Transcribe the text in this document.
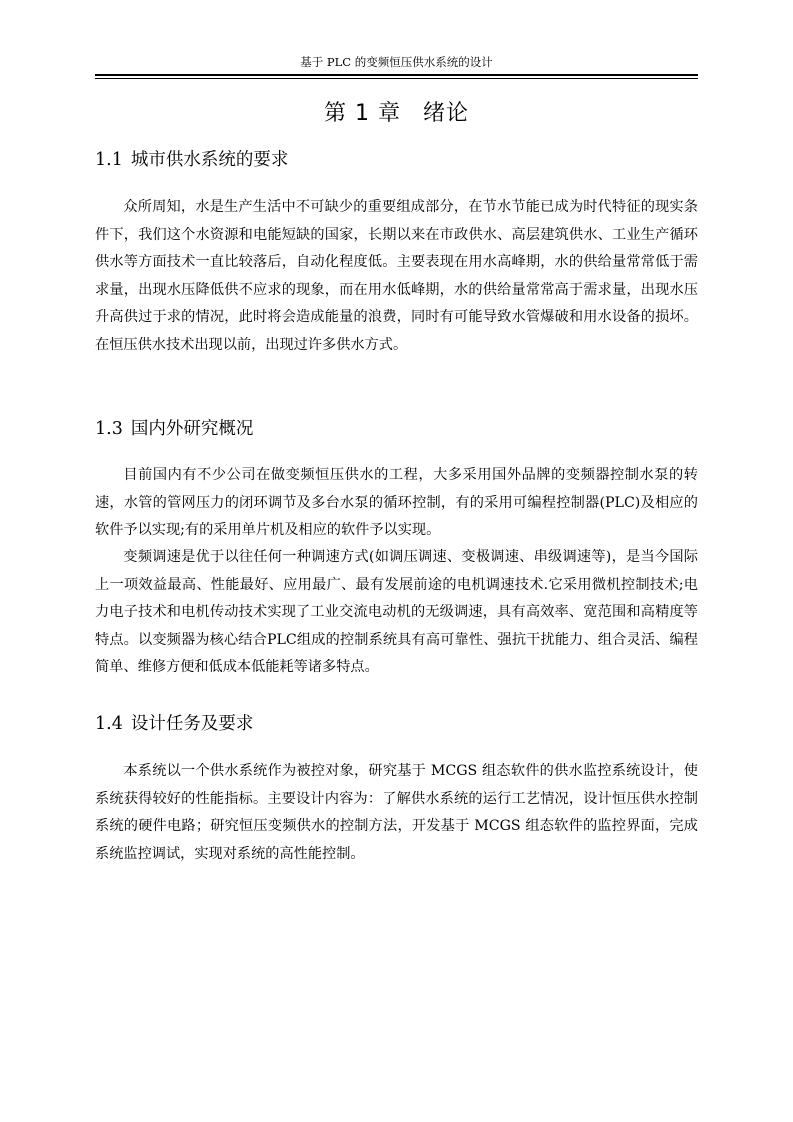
基于 PLC 的变频恒压供水系统的设计
第 1 章 绪论
1.1 城市供水系统的要求

众所周知，水是生产生活中不可缺少的重要组成部分，在节水节能已成为时代特征的现实条件下，我们这个水资源和电能短缺的国家，长期以来在市政供水、高层建筑供水、工业生产循环供水等方面技术一直比较落后，自动化程度低。主要表现在用水高峰期，水的供给量常常低于需求量，出现水压降低供不应求的现象，而在用水低峰期，水的供给量常常高于需求量，出现水压升高供过于求的情况，此时将会造成能量的浪费，同时有可能导致水管爆破和用水设备的损坏。在恒压供水技术出现以前，出现过许多供水方式。

1.3 国内外研究概况

目前国内有不少公司在做变频恒压供水的工程，大多采用国外品牌的变频器控制水泵的转速，水管的管网压力的闭环调节及多台水泵的循环控制，有的采用可编程控制器(PLC)及相应的软件予以实现;有的采用单片机及相应的软件予以实现。

变频调速是优于以往任何一种调速方式(如调压调速、变极调速、串级调速等)，是当今国际上一项效益最高、性能最好、应用最广、最有发展前途的电机调速技术.它采用微机控制技术;电力电子技术和电机传动技术实现了工业交流电动机的无级调速，具有高效率、宽范围和高精度等特点。以变频器为核心结合PLC组成的控制系统具有高可靠性、强抗干扰能力、组合灵活、编程简单、维修方便和低成本低能耗等诸多特点。

1.4 设计任务及要求

本系统以一个供水系统作为被控对象，研究基于 MCGS 组态软件的供水监控系统设计，使系统获得较好的性能指标。主要设计内容为：了解供水系统的运行工艺情况，设计恒压供水控制系统的硬件电路；研究恒压变频供水的控制方法，开发基于 MCGS 组态软件的监控界面，完成系统监控调试，实现对系统的高性能控制。
